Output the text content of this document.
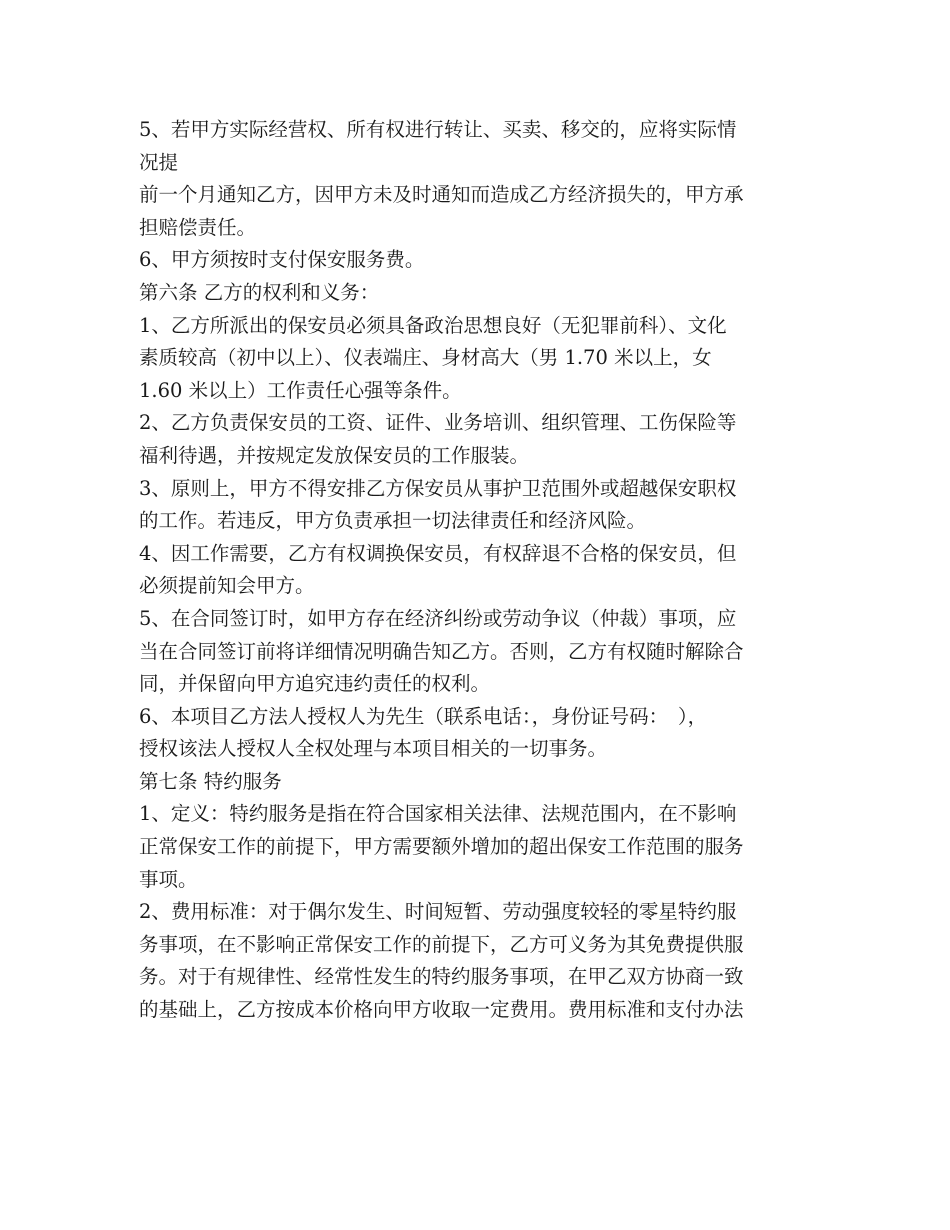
5、若甲方实际经营权、所有权进行转让、买卖、移交的，应将实际情
况提
前一个月通知乙方，因甲方未及时通知而造成乙方经济损失的，甲方承
担赔偿责任。
6、甲方须按时支付保安服务费。
第六条 乙方的权利和义务：
1、乙方所派出的保安员必须具备政治思想良好（无犯罪前科）、文化
素质较高（初中以上）、仪表端庄、身材高大（男 1.70 米以上，女
1.60 米以上）工作责任心强等条件。
2、乙方负责保安员的工资、证件、业务培训、组织管理、工伤保险等
福利待遇，并按规定发放保安员的工作服装。
3、原则上，甲方不得安排乙方保安员从事护卫范围外或超越保安职权
的工作。若违反，甲方负责承担一切法律责任和经济风险。
4、因工作需要，乙方有权调换保安员，有权辞退不合格的保安员，但
必须提前知会甲方。
5、在合同签订时，如甲方存在经济纠纷或劳动争议（仲裁）事项，应
当在合同签订前将详细情况明确告知乙方。否则，乙方有权随时解除合
同，并保留向甲方追究违约责任的权利。
6、本项目乙方法人授权人为先生（联系电话：，身份证号码：　），
授权该法人授权人全权处理与本项目相关的一切事务。
第七条 特约服务
1、定义：特约服务是指在符合国家相关法律、法规范围内，在不影响
正常保安工作的前提下，甲方需要额外增加的超出保安工作范围的服务
事项。
2、费用标准：对于偶尔发生、时间短暂、劳动强度较轻的零星特约服
务事项，在不影响正常保安工作的前提下，乙方可义务为其免费提供服
务。对于有规律性、经常性发生的特约服务事项，在甲乙双方协商一致
的基础上，乙方按成本价格向甲方收取一定费用。费用标准和支付办法
